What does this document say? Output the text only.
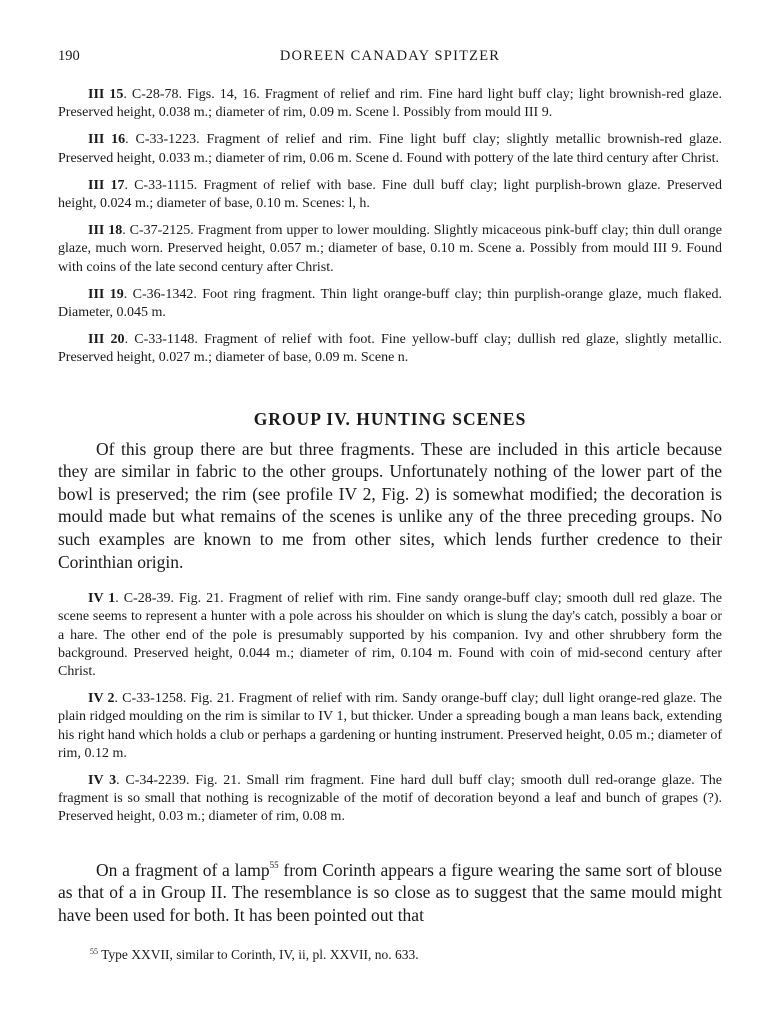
190	DOREEN CANADAY SPITZER

III 15. C-28-78. Figs. 14, 16. Fragment of relief and rim. Fine hard light buff clay; light brownish-red glaze. Preserved height, 0.038 m.; diameter of rim, 0.09 m. Scene l. Possibly from mould III 9.

III 16. C-33-1223. Fragment of relief and rim. Fine light buff clay; slightly metallic brownish-red glaze. Preserved height, 0.033 m.; diameter of rim, 0.06 m. Scene d. Found with pottery of the late third century after Christ.

III 17. C-33-1115. Fragment of relief with base. Fine dull buff clay; light purplish-brown glaze. Preserved height, 0.024 m.; diameter of base, 0.10 m. Scenes: l, h.

III 18. C-37-2125. Fragment from upper to lower moulding. Slightly micaceous pink-buff clay; thin dull orange glaze, much worn. Preserved height, 0.057 m.; diameter of base, 0.10 m. Scene a. Possibly from mould III 9. Found with coins of the late second century after Christ.

III 19. C-36-1342. Foot ring fragment. Thin light orange-buff clay; thin purplish-orange glaze, much flaked. Diameter, 0.045 m.

III 20. C-33-1148. Fragment of relief with foot. Fine yellow-buff clay; dullish red glaze, slightly metallic. Preserved height, 0.027 m.; diameter of base, 0.09 m. Scene n.

GROUP IV. HUNTING SCENES

Of this group there are but three fragments. These are included in this article because they are similar in fabric to the other groups. Unfortunately nothing of the lower part of the bowl is preserved; the rim (see profile IV 2, Fig. 2) is somewhat modified; the decoration is mould made but what remains of the scenes is unlike any of the three preceding groups. No such examples are known to me from other sites, which lends further credence to their Corinthian origin.

IV 1. C-28-39. Fig. 21. Fragment of relief with rim. Fine sandy orange-buff clay; smooth dull red glaze. The scene seems to represent a hunter with a pole across his shoulder on which is slung the day's catch, possibly a boar or a hare. The other end of the pole is presumably supported by his companion. Ivy and other shrubbery form the background. Preserved height, 0.044 m.; diameter of rim, 0.104 m. Found with coin of mid-second century after Christ.

IV 2. C-33-1258. Fig. 21. Fragment of relief with rim. Sandy orange-buff clay; dull light orange-red glaze. The plain ridged moulding on the rim is similar to IV 1, but thicker. Under a spreading bough a man leans back, extending his right hand which holds a club or perhaps a gardening or hunting instrument. Preserved height, 0.05 m.; diameter of rim, 0.12 m.

IV 3. C-34-2239. Fig. 21. Small rim fragment. Fine hard dull buff clay; smooth dull red-orange glaze. The fragment is so small that nothing is recognizable of the motif of decoration beyond a leaf and bunch of grapes (?). Preserved height, 0.03 m.; diameter of rim, 0.08 m.

On a fragment of a lamp$^{55}$ from Corinth appears a figure wearing the same sort of blouse as that of a in Group II. The resemblance is so close as to suggest that the same mould might have been used for both. It has been pointed out that

$^{55}$ Type XXVII, similar to Corinth, IV, ii, pl. XXVII, no. 633.
